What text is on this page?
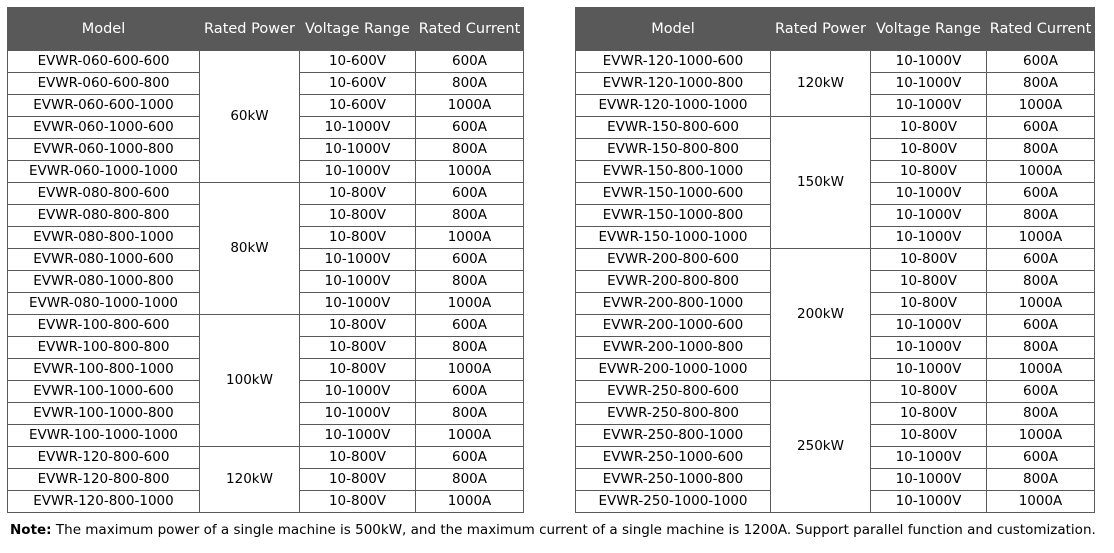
Model	Rated Power	Voltage Range	Rated Current
EVWR-060-600-600	60kW	10-600V	600A
EVWR-060-600-800		10-600V	800A
EVWR-060-600-1000		10-600V	1000A
EVWR-060-1000-600		10-1000V	600A
EVWR-060-1000-800		10-1000V	800A
EVWR-060-1000-1000		10-1000V	1000A
EVWR-080-800-600	80kW	10-800V	600A
EVWR-080-800-800		10-800V	800A
EVWR-080-800-1000		10-800V	1000A
EVWR-080-1000-600		10-1000V	600A
EVWR-080-1000-800		10-1000V	800A
EVWR-080-1000-1000		10-1000V	1000A
EVWR-100-800-600	100kW	10-800V	600A
EVWR-100-800-800		10-800V	800A
EVWR-100-800-1000		10-800V	1000A
EVWR-100-1000-600		10-1000V	600A
EVWR-100-1000-800		10-1000V	800A
EVWR-100-1000-1000		10-1000V	1000A
EVWR-120-800-600	120kW	10-800V	600A
EVWR-120-800-800		10-800V	800A
EVWR-120-800-1000		10-800V	1000A
Model	Rated Power	Voltage Range	Rated Current
EVWR-120-1000-600	120kW	10-1000V	600A
EVWR-120-1000-800		10-1000V	800A
EVWR-120-1000-1000		10-1000V	1000A
EVWR-150-800-600	150kW	10-800V	600A
EVWR-150-800-800		10-800V	800A
EVWR-150-800-1000		10-800V	1000A
EVWR-150-1000-600		10-1000V	600A
EVWR-150-1000-800		10-1000V	800A
EVWR-150-1000-1000		10-1000V	1000A
EVWR-200-800-600	200kW	10-800V	600A
EVWR-200-800-800		10-800V	800A
EVWR-200-800-1000		10-800V	1000A
EVWR-200-1000-600		10-1000V	600A
EVWR-200-1000-800		10-1000V	800A
EVWR-200-1000-1000		10-1000V	1000A
EVWR-250-800-600	250kW	10-800V	600A
EVWR-250-800-800		10-800V	800A
EVWR-250-800-1000		10-800V	1000A
EVWR-250-1000-600		10-1000V	600A
EVWR-250-1000-800		10-1000V	800A
EVWR-250-1000-1000		10-1000V	1000A
Note: The maximum power of a single machine is 500kW, and the maximum current of a single machine is 1200A. Support parallel function and customization.
